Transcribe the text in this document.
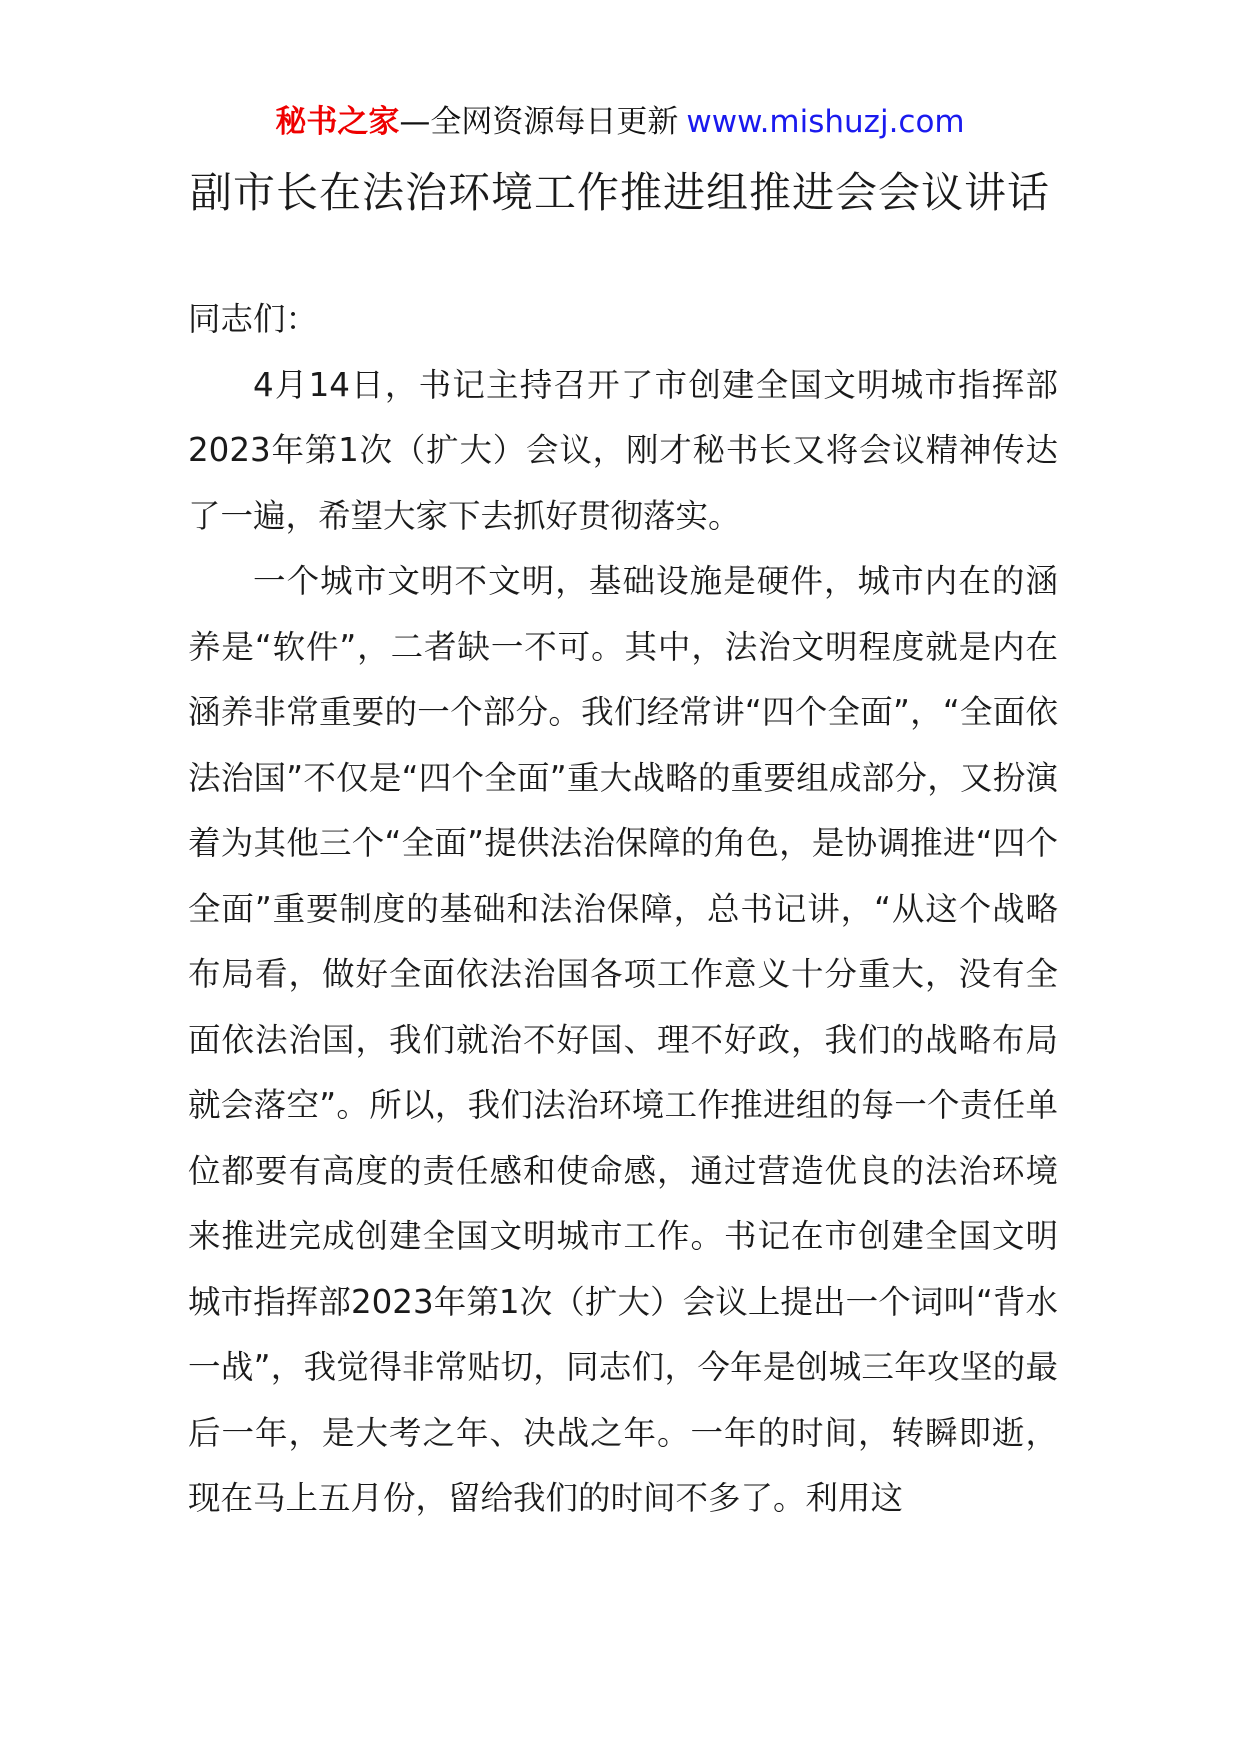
秘书之家—全网资源每日更新 www.mishuzj.com
副市长在法治环境工作推进组推进会会议讲话

同志们：

4月14日，书记主持召开了市创建全国文明城市指挥部2023年第1次（扩大）会议，刚才秘书长又将会议精神传达了一遍，希望大家下去抓好贯彻落实。

一个城市文明不文明，基础设施是硬件，城市内在的涵养是“软件”，二者缺一不可。其中，法治文明程度就是内在涵养非常重要的一个部分。我们经常讲“四个全面”，“全面依法治国”不仅是“四个全面”重大战略的重要组成部分，又扮演着为其他三个“全面”提供法治保障的角色，是协调推进“四个全面”重要制度的基础和法治保障，总书记讲，“从这个战略布局看，做好全面依法治国各项工作意义十分重大，没有全面依法治国，我们就治不好国、理不好政，我们的战略布局就会落空”。所以，我们法治环境工作推进组的每一个责任单位都要有高度的责任感和使命感，通过营造优良的法治环境来推进完成创建全国文明城市工作。书记在市创建全国文明城市指挥部2023年第1次（扩大）会议上提出一个词叫“背水一战”，我觉得非常贴切，同志们，今年是创城三年攻坚的最后一年，是大考之年、决战之年。一年的时间，转瞬即逝，现在马上五月份，留给我们的时间不多了。利用这
